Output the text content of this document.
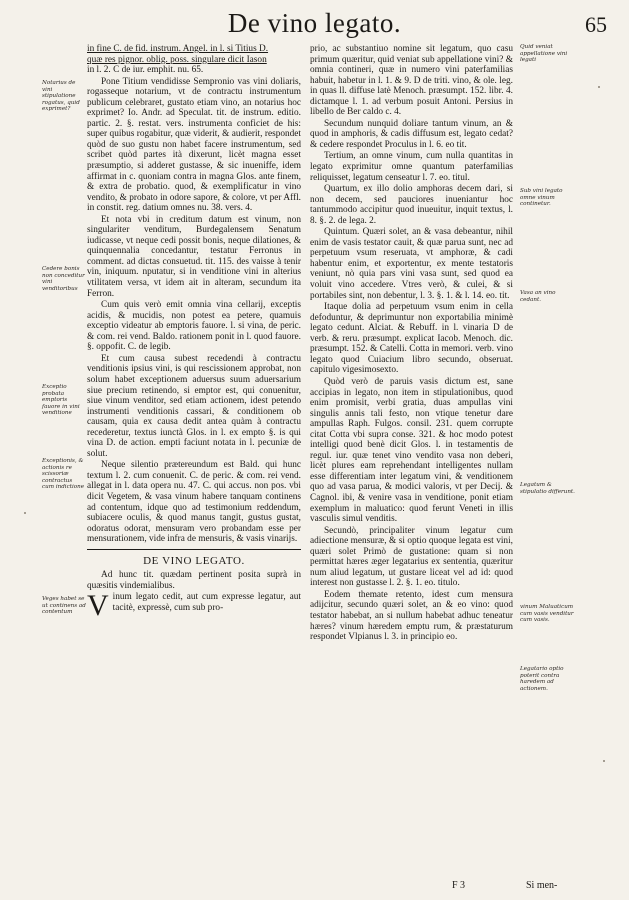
De vino legato.	65
Notarius de vini stipulatione rogatus, quid exprimet?
Cedere bonis non conceditur vini venditoribus
Exceptio probata emptoris fauore in vini venditione
Exceptionis, & actionis re scissoriæ contractus cum indictione
Veges habet se ut continens ad contentum
Quid veniat appellatione vini legati
Sub vini legato omne vinum continetur.
Vasa an vino cedant.
Legatum & stipulatio differunt.
vinum Maluaticum cum vasis venditur cum vasis.
Legatario optio poterit contra haredem ad actionem.

in fine C. de fid. instrum. Angel. in l. si Titius D.

quæ res pignor. oblig. poss. singulare dicit Iason

in l. 2. C de iur. emphit. nu. 65.

Pone Titium vendidisse Sempronio vas vini doliaris, rogasseque notarium, vt de contractu instrumentum publicum celebraret, gustato etiam vino, an notarius hoc exprimet? Io. Andr. ad Speculat. tit. de instrum. editio. partic. 2. §. restat. vers. instrumenta conficiet de his: super quibus rogabitur, quæ viderit, & audierit, respondet quòd de suo gustu non habet facere instrumentum, sed scribet quòd partes ità dixerunt, licèt magna esset præsumptio, si adderet gustasse, & sic inueniffe, idem affirmat in c. quoniam contra in magna Glos. ante finem, & extra de probatio. quod, & exemplificatur in vino vendito, & probato in odore sapore, & colore, vt per Affl. in constit. reg. datium omnes nu. 38. vers. 4.

Et nota vbi in creditum datum est vinum, non singulariter venditum, Burdegalensem Senatum iudicasse, vt neque cedi possit bonis, neque dilationes, & quinquennalia concedantur, testatur Ferronus in comment. ad dictas consuetud. tit. 115. des vaisse à tenir vin, iniquum. nputatur, si in venditione vini in alterius vtilitatem versa, vt idem ait in alteram, secundum ita Ferron.

Cum quis verò emit omnia vina cellarij, exceptis acidis, & mucidis, non potest ea petere, quamuis exceptio videatur ab emptoris fauore. l. si vina, de peric. & com. rei vend. Baldo. rationem ponit in l. quod fauore. §. oppofit. C. de legib.

Et cum causa subest recedendi à contractu venditionis ipsius vini, is qui rescissionem approbat, non solum habet exceptionem aduersus suum aduersarium siue precium retinendo, si emptor est, qui conuenitur, siue vinum venditor, sed etiam actionem, idest petendo instrumenti venditionis cassari, & conditionem ob causam, quia ex causa dedit antea quàm à contractu recederetur, textus iunctà Glos. in l. ex empto §. is qui vina D. de action. empti faciunt notata in l. pecuniæ de solut.

Neque silentio prætereundum est Bald. qui hunc textum l. 2. cum conuenit. C. de peric. & com. rei vend. allegat in l. data opera nu. 47. C. qui accus. non pos. vbi dicit Vegetem, & vasa vinum habere tanquam continens ad contentum, idque quo ad testimonium reddendum, subiacere oculis, & quod manus tangit, gustus gustat, odoratus odorat, mensuram vero probandam esse per mensurationem, vide infra de mensuris, & vasis vinarijs.

DE VINO LEGATO.

Ad hunc tit. quædam pertinent posita suprà in quæsitis vindemialibus.

V inum legato cedit, aut cum expresse legatur, aut tacitè, expressè, cum sub pro-

prio, ac substantiuo nomine sit legatum, quo casu primum quæritur, quid veniat sub appellatione vini? & omnia contineri, quæ in numero vini paterfamilias habuit, habetur in l. 1. & 9. D de triti. vino, & ole. leg. in quas ll. diffuse latè Menoch. præsumpt. 152. libr. 4. dictamque l. 1. ad verbum posuit Antoni. Persius in libello de Ber caldo c. 4.

Secundum nunquid doliare tantum vinum, an & quod in amphoris, & cadis diffusum est, legato cedat? & cedere respondet Proculus in l. 6. eo tit.

Tertium, an omne vinum, cum nulla quantitas in legato exprimitur omne quantum paterfamilias reliquisset, legatum censeatur l. 7. eo. titul.

Quartum, ex illo dolio amphoras decem dari, si non decem, sed pauciores inueniantur hoc tantummodo accipitur quod inueuitur, inquit textus, l. 8. §. 2. de lega. 2.

Quintum. Quæri solet, an & vasa debeantur, nihil enim de vasis testator cauit, & quæ parua sunt, nec ad perpetuum vsum reseruata, vt amphoræ, & cadi habentur enim, et exportentur, ex mente testatoris veniunt, nò quia pars vini vasa sunt, sed quod ea voluit vino accedere. Vtres verò, & culei, & si portabiles sint, non debentur, l. 3. §. 1. & l. 14. eo. tit.

Itaque dolia ad perpetuum vsum enim in cella defoduntur, & deprimuntur non exportabilia minimè legato cedunt. Alciat. & Rebuff. in l. vinaria D de verb. & reru. præsumpt. explicat Iacob. Menoch. dic. præsumpt. 152. & Catelli. Cotta in memori. verb. vino legato quod Cuiacium libro secundo, obseruat. capitulo vigesimosexto.

Quòd verò de paruis vasis dictum est, sane accipias in legato, non item in stipulationibus, quod enim promisit, verbi gratia, duas ampullas vini singulis annis tali festo, non vtique tenetur dare ampullas Raph. Fulgos. consil. 231. quem corrupte citat Cotta vbi supra conse. 321. & hoc modo potest intelligi quod benè dicit Glos. l. in testamentis de regul. iur. quæ tenet vino vendito vasa non deberi, licèt plures eam reprehendant intelligentes nullam esse differentiam inter legatum vini, & venditionem quo ad vasa parua, & modici valoris, vt per Decij. & Cagnol. ibi, & venire vasa in venditione, ponit etiam exemplum in maluatico: quod ferunt Veneti in illis vasculis simul venditis.

Secundò, principaliter vinum legatur cum adiectione mensuræ, & si optio quoque legata est vini, quæri solet Primò de gustatione: quam si non permittat hæres æger legatarius ex sententia, quæritur num aliud legatum, ut gustare liceat vel ad id: quod interest non gustasse l. 2. §. 1. eo. titulo.

Eodem themate retento, idest cum mensura adijcitur, secundo quæri solet, an & eo vino: quod testator habebat, an si nullum habebat adhuc teneatur hæres? vinum hæredem emptu rum, & præstaturum respondet Vlpianus l. 3. in principio eo.

F 3	Si men-
